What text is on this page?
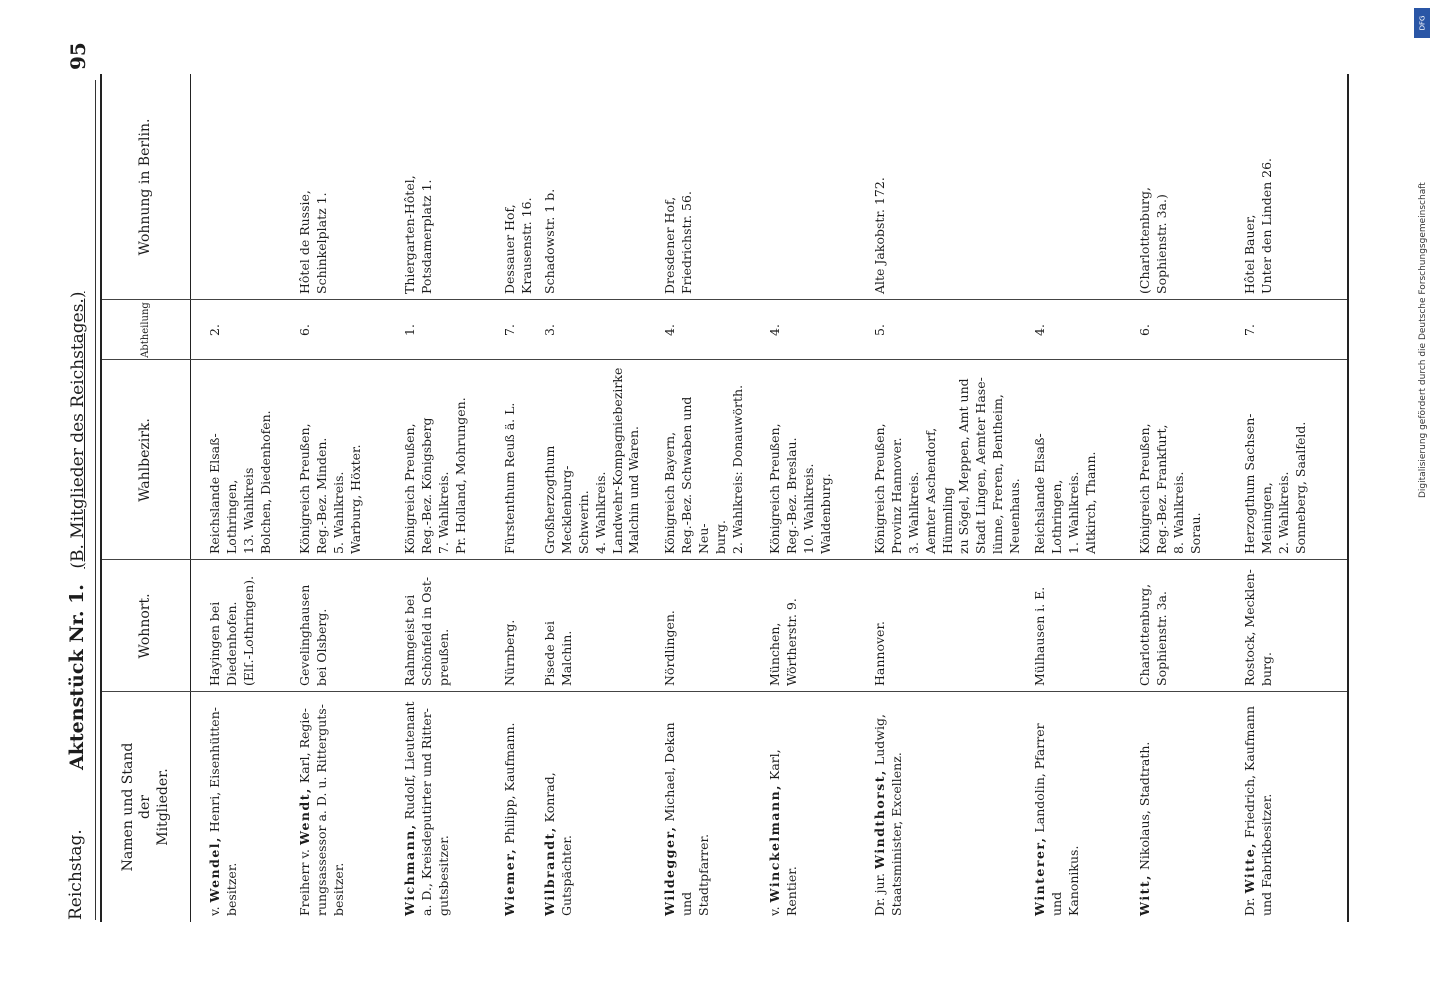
Reichstag.
Aktenstück Nr. 1. (B. Mitglieder des Reichstages.)
95
Namen und Stand
der
Mitglieder.
Wohnort.
Wahlbezirk.
Abtheilung
Wohnung in Berlin.
v. Wendel, Henri, Eisenhütten-
besitzer.
Hayingen bei
Diedenhofen.
(Elſ.-Lothringen).
Reichslande Elsaß-Lothringen,
13. Wahlkreis
Bolchen, Diedenhofen.
2.
Freiherr v. Wendt, Karl, Regie-
rungsassessor a. D. u. Ritterguts-
besitzer.
Gevelinghausen
bei Olsberg.
Königreich Preußen,
Reg.-Bez. Minden.
5. Wahlkreis.
Warburg, Höxter.
6.
Hôtel de Russie,
Schinkelplatz 1.
Wichmann, Rudolf, Lieutenant
a. D., Kreisdeputirter und Ritter-
gutsbesitzer.
Rahmgeist bei
Schönfeld in Ost-
preußen.
Königreich Preußen,
Reg.-Bez. Königsberg
7. Wahlkreis.
Pr. Holland, Mohrungen.
1.
Thiergarten-Hôtel,
Potsdamerplatz 1.
Wiemer, Philipp, Kaufmann.
Nürnberg.
Fürstenthum Reuß ä. L.
7.
Dessauer Hof,
Krausenstr. 16.
Wilbrandt, Konrad, Gutspächter.
Pisede bei Malchin.
Großherzogthum Mecklenburg-
Schwerin.
4. Wahlkreis.
Landwehr-Kompagniebezirke
Malchin und Waren.
3.
Schadowstr. 1 b.
Wildegger, Michael, Dekan und
Stadtpfarrer.
Nördlingen.
Königreich Bayern,
Reg.-Bez. Schwaben und Neu-
burg.
2. Wahlkreis: Donauwörth.
4.
Dresdener Hof,
Friedrichstr. 56.
v. Winckelmann, Karl, Rentier.
München,
Wörtherstr. 9.
Königreich Preußen,
Reg.-Bez. Breslau.
10. Wahlkreis.
Waldenburg.
4.
Dr. jur. Windthorst, Ludwig,
Staatsminister, Excellenz.
Hannover.
Königreich Preußen,
Provinz Hannover.
3. Wahlkreis.
Aemter Aschendorf, Hümmling
zu Sögel, Meppen, Amt und
Stadt Lingen, Aemter Hase-
lünne, Freren, Bentheim,
Neuenhaus.
5.
Alte Jakobstr. 172.
Winterer, Landolin, Pfarrer und
Kanonikus.
Mülhausen i. E.
Reichslande Elsaß-Lothringen,
1. Wahlkreis.
Altkirch, Thann.
4.
Witt, Nikolaus, Stadtrath.
Charlottenburg,
Sophienstr. 3a.
Königreich Preußen,
Reg.-Bez. Frankfurt,
8. Wahlkreis.
Sorau.
6.
(Charlottenburg,
Sophienstr. 3a.)
Dr. Witte, Friedrich, Kaufmann
und Fabrikbesitzer.
Rostock, Mecklen-
burg.
Herzogthum Sachsen-Meiningen,
2. Wahlkreis.
Sonneberg, Saalfeld.
7.
Hôtel Bauer,
Unter den Linden 26.
DFG
Digitalisierung gefördert durch die Deutsche Forschungsgemeinschaft
